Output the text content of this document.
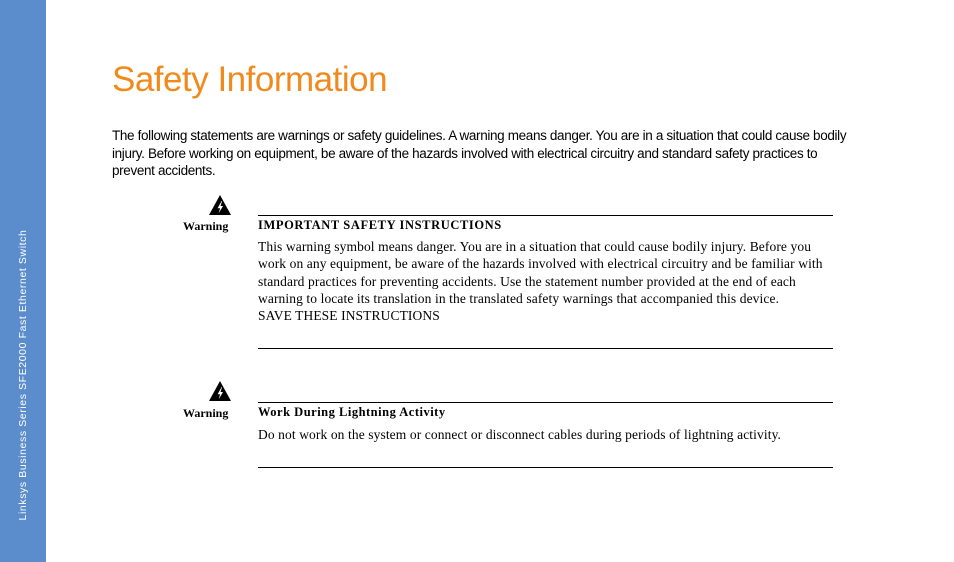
Linksys Business Series SFE2000 Fast Ethernet Switch
Safety Information

The following statements are warnings or safety guidelines. A warning means danger. You are in a situation that could cause bodily injury. Before working on equipment, be aware of the hazards involved with electrical circuitry and standard safety practices to prevent accidents.

Warning IMPORTANT SAFETY INSTRUCTIONS
This warning symbol means danger. You are in a situation that could cause bodily injury. Before you work on any equipment, be aware of the hazards involved with electrical circuitry and be familiar with standard practices for preventing accidents. Use the statement number provided at the end of each warning to locate its translation in the translated safety warnings that accompanied this device.
SAVE THESE INSTRUCTIONS
Warning Work During Lightning Activity
Do not work on the system or connect or disconnect cables during periods of lightning activity.
